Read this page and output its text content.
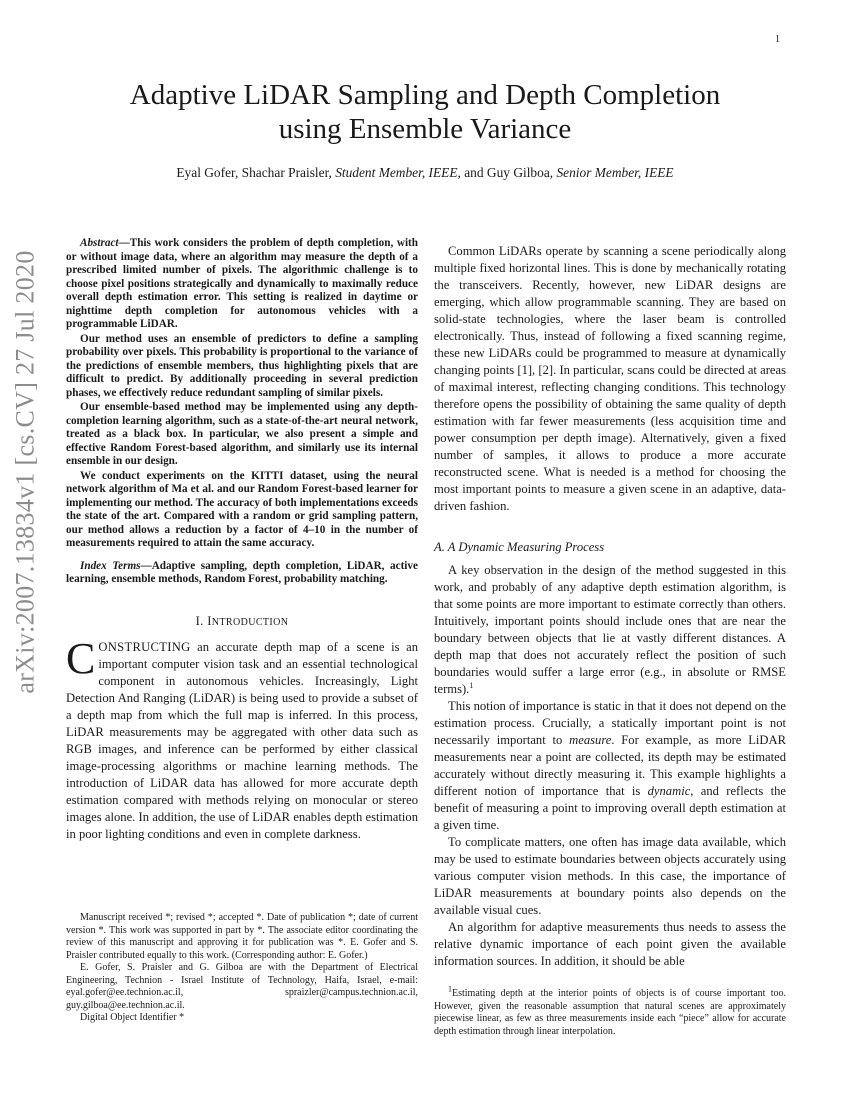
1
arXiv:2007.13834v1 [cs.CV] 27 Jul 2020
Adaptive LiDAR Sampling and Depth Completion
using Ensemble Variance
Eyal Gofer, Shachar Praisler, Student Member, IEEE, and Guy Gilboa, Senior Member, IEEE

Abstract—This work considers the problem of depth completion, with or without image data, where an algorithm may measure the depth of a prescribed limited number of pixels. The algorithmic challenge is to choose pixel positions strategically and dynamically to maximally reduce overall depth estimation error. This setting is realized in daytime or nighttime depth completion for autonomous vehicles with a programmable LiDAR.

Our method uses an ensemble of predictors to define a sampling probability over pixels. This probability is proportional to the variance of the predictions of ensemble members, thus highlighting pixels that are difficult to predict. By additionally proceeding in several prediction phases, we effectively reduce redundant sampling of similar pixels.

Our ensemble-based method may be implemented using any depth-completion learning algorithm, such as a state-of-the-art neural network, treated as a black box. In particular, we also present a simple and effective Random Forest-based algorithm, and similarly use its internal ensemble in our design.

We conduct experiments on the KITTI dataset, using the neural network algorithm of Ma et al. and our Random Forest-based learner for implementing our method. The accuracy of both implementations exceeds the state of the art. Compared with a random or grid sampling pattern, our method allows a reduction by a factor of 4–10 in the number of measurements required to attain the same accuracy.

Index Terms—Adaptive sampling, depth completion, LiDAR, active learning, ensemble methods, Random Forest, probability matching.

I. INTRODUCTION

CONSTRUCTING an accurate depth map of a scene is an important computer vision task and an essential technological component in autonomous vehicles. Increasingly, Light Detection And Ranging (LiDAR) is being used to provide a subset of a depth map from which the full map is inferred. In this process, LiDAR measurements may be aggregated with other data such as RGB images, and inference can be performed by either classical image-processing algorithms or machine learning methods. The introduction of LiDAR data has allowed for more accurate depth estimation compared with methods relying on monocular or stereo images alone. In addition, the use of LiDAR enables depth estimation in poor lighting conditions and even in complete darkness.

Manuscript received *; revised *; accepted *. Date of publication *; date of current version *. This work was supported in part by *. The associate editor coordinating the review of this manuscript and approving it for publication was *. E. Gofer and S. Praisler contributed equally to this work. (Corresponding author: E. Gofer.)

E. Gofer, S. Praisler and G. Gilboa are with the Department of Electrical Engineering, Technion - Israel Institute of Technology, Haifa, Israel, e-mail: eyal.gofer@ee.technion.ac.il, spraizler@campus.technion.ac.il, guy.gilboa@ee.technion.ac.il.

Digital Object Identifier *

Common LiDARs operate by scanning a scene periodically along multiple fixed horizontal lines. This is done by mechanically rotating the transceivers. Recently, however, new LiDAR designs are emerging, which allow programmable scanning. They are based on solid-state technologies, where the laser beam is controlled electronically. Thus, instead of following a fixed scanning regime, these new LiDARs could be programmed to measure at dynamically changing points [1], [2]. In particular, scans could be directed at areas of maximal interest, reflecting changing conditions. This technology therefore opens the possibility of obtaining the same quality of depth estimation with far fewer measurements (less acquisition time and power consumption per depth image). Alternatively, given a fixed number of samples, it allows to produce a more accurate reconstructed scene. What is needed is a method for choosing the most important points to measure a given scene in an adaptive, data-driven fashion.

A. A Dynamic Measuring Process

A key observation in the design of the method suggested in this work, and probably of any adaptive depth estimation algorithm, is that some points are more important to estimate correctly than others. Intuitively, important points should include ones that are near the boundary between objects that lie at vastly different distances. A depth map that does not accurately reflect the position of such boundaries would suffer a large error (e.g., in absolute or RMSE terms).$^1$

This notion of importance is static in that it does not depend on the estimation process. Crucially, a statically important point is not necessarily important to measure. For example, as more LiDAR measurements near a point are collected, its depth may be estimated accurately without directly measuring it. This example highlights a different notion of importance that is dynamic, and reflects the benefit of measuring a point to improving overall depth estimation at a given time.

To complicate matters, one often has image data available, which may be used to estimate boundaries between objects accurately using various computer vision methods. In this case, the importance of LiDAR measurements at boundary points also depends on the available visual cues.

An algorithm for adaptive measurements thus needs to assess the relative dynamic importance of each point given the available information sources. In addition, it should be able

$^1$Estimating depth at the interior points of objects is of course important too. However, given the reasonable assumption that natural scenes are approximately piecewise linear, as few as three measurements inside each “piece” allow for accurate depth estimation through linear interpolation.
